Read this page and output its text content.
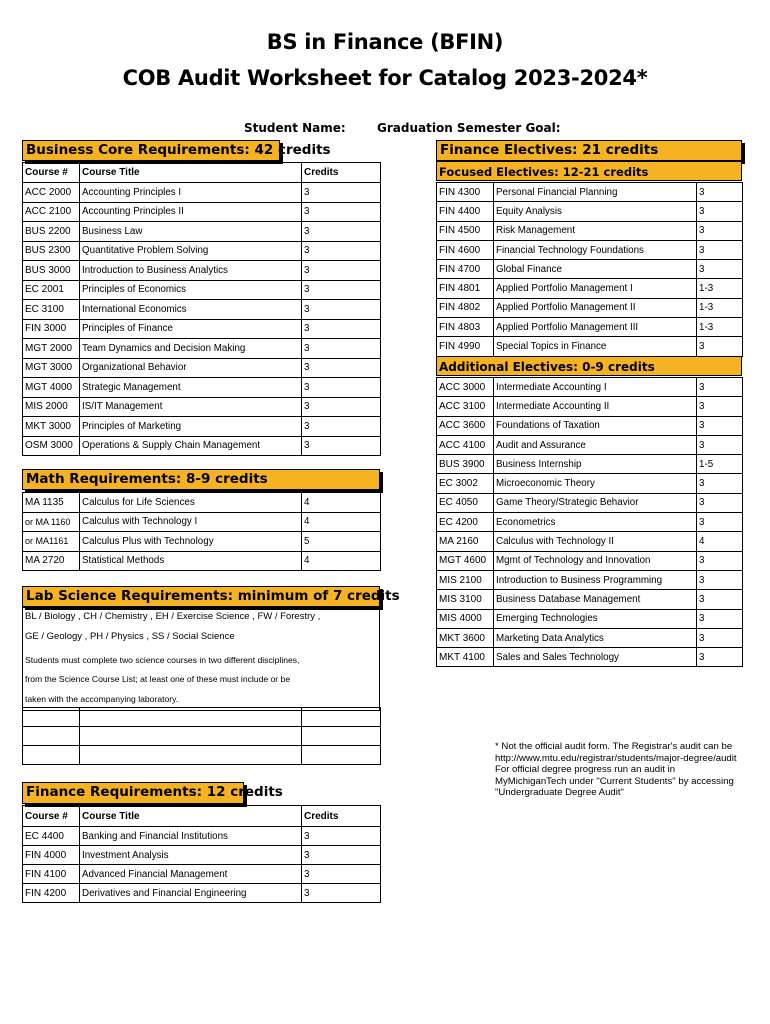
BS in Finance (BFIN)
COB Audit Worksheet for Catalog 2023-2024*
Student Name:	Graduation Semester Goal:
Business Core Requirements: 42 credits
Course #	Course Title	Credits
ACC 2000	Accounting Principles I	3
ACC 2100	Accounting Principles II	3
BUS 2200	Business Law	3
BUS 2300	Quantitative Problem Solving	3
BUS 3000	Introduction to Business Analytics	3
EC 2001	Principles of Economics	3
EC 3100	International Economics	3
FIN 3000	Principles of Finance	3
MGT 2000	Team Dynamics and Decision Making	3
MGT 3000	Organizational Behavior	3
MGT 4000	Strategic Management	3
MIS 2000	IS/IT Management	3
MKT 3000	Principles of Marketing	3
OSM 3000	Operations & Supply Chain Management	3
Math Requirements: 8-9 credits
MA 1135	Calculus for Life Sciences	4
or MA 1160	Calculus with Technology I	4
or MA1161	Calculus Plus with Technology	5
MA 2720	Statistical Methods	4
Lab Science Requirements: minimum of 7 credits
BL / Biology , CH / Chemistry , EH / Exercise Science , FW / Forestry ,
GE / Geology , PH / Physics , SS / Social Science
Students must complete two science courses in two different disciplines,
from the Science Course List; at least one of these must include or be
taken with the accompanying laboratory.

Finance Requirements: 12 credits
Course #	Course Title	Credits
EC 4400	Banking and Financial Institutions	3
FIN 4000	Investment Analysis	3
FIN 4100	Advanced Financial Management	3
FIN 4200	Derivatives and Financial Engineering	3
Finance Electives: 21 credits
Focused Electives: 12-21 credits
FIN 4300	Personal Financial Planning	3
FIN 4400	Equity Analysis	3
FIN 4500	Risk Management	3
FIN 4600	Financial Technology Foundations	3
FIN 4700	Global Finance	3
FIN 4801	Applied Portfolio Management I	1-3
FIN 4802	Applied Portfolio Management II	1-3
FIN 4803	Applied Portfolio Management III	1-3
FIN 4990	Special Topics in Finance	3
Additional Electives: 0-9 credits
ACC 3000	Intermediate Accounting I	3
ACC 3100	Intermediate Accounting II	3
ACC 3600	Foundations of Taxation	3
ACC 4100	Audit and Assurance	3
BUS 3900	Business Internship	1-5
EC 3002	Microeconomic Theory	3
EC 4050	Game Theory/Strategic Behavior	3
EC 4200	Econometrics	3
MA 2160	Calculus with Technology II	4
MGT 4600	Mgmt of Technology and Innovation	3
MIS 2100	Introduction to Business Programming	3
MIS 3100	Business Database Management	3
MIS 4000	Emerging Technologies	3
MKT 3600	Marketing Data Analytics	3
MKT 4100	Sales and Sales Technology	3
* Not the official audit form. The Registrar's audit can be
http://www.mtu.edu/registrar/students/major-degree/audit
For official degree progress run an audit in
MyMichiganTech under "Current Students" by accessing
"Undergraduate Degree Audit"
